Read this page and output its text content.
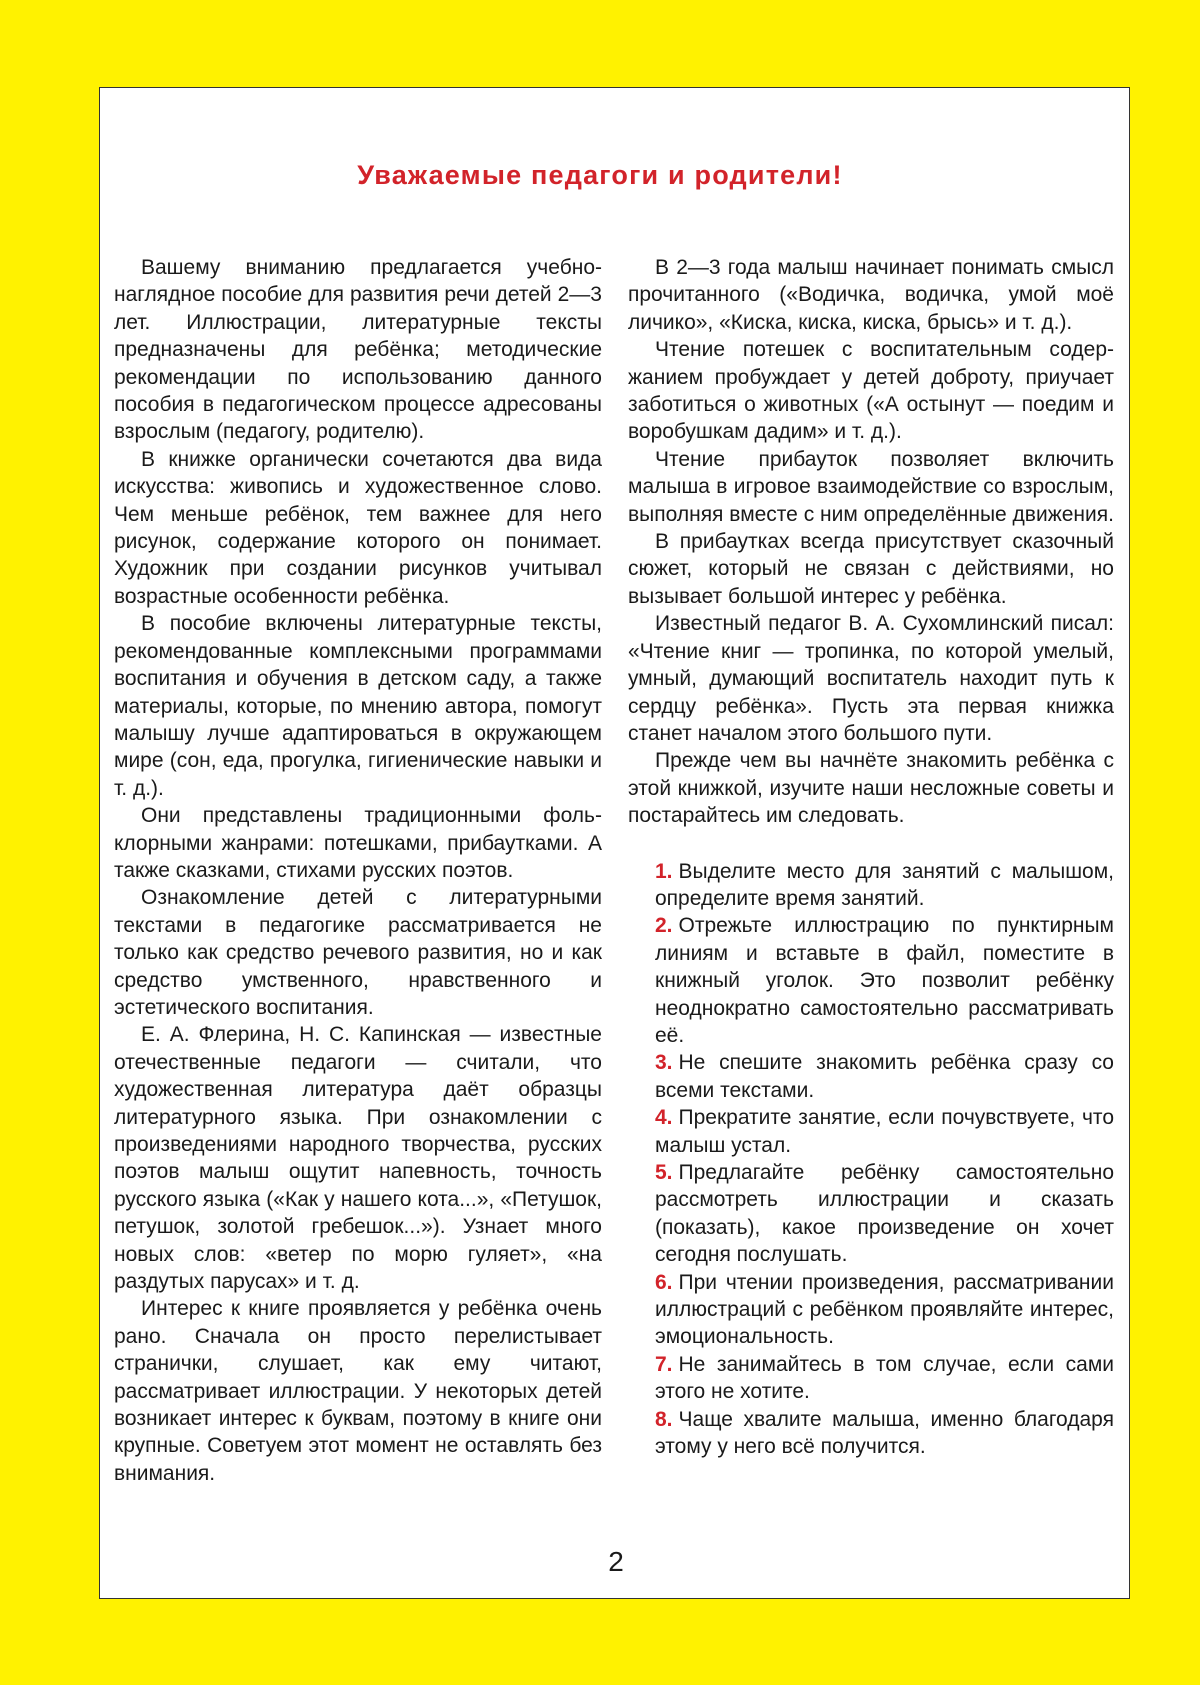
Уважаемые педагоги и родители!

Вашему вниманию предлагается учебно-наглядное пособие для развития речи детей 2—3 лет. Иллюстрации, литературные тексты предназначены для ребёнка; методические рекомендации по использованию данного пособия в педагогическом процессе адресованы взрослым (педагогу, родителю).

В книжке органически сочетаются два вида искусства: живопись и художественное слово. Чем меньше ребёнок, тем важнее для него рисунок, содержание которого он понимает. Художник при создании рисунков учитывал возрастные особенности ребёнка.

В пособие включены литературные тексты, рекомендованные комплексными программами воспитания и обучения в детском саду, а также материалы, которые, по мнению автора, помогут малышу лучше адаптироваться в окружающем мире (сон, еда, прогулка, гигиенические навыки и т. д.).

Они представлены традиционными фольклорными жанрами: потешками, прибаутками. А также сказками, стихами русских поэтов.

Ознакомление детей с литературными текстами в педагогике рассматривается не только как средство речевого развития, но и как средство умственного, нравственного и эстетического воспитания.

Е. А. Флерина, Н. С. Капинская — известные отечественные педагоги — считали, что художественная литература даёт образцы литературного языка. При ознакомлении с произведениями народного творчества, русских поэтов малыш ощутит напевность, точность русского языка («Как у нашего кота...», «Петушок, петушок, золотой гребешок...»). Узнает много новых слов: «ветер по морю гуляет», «на раздутых парусах» и т. д.

Интерес к книге проявляется у ребёнка очень рано. Сначала он просто перелистывает странички, слушает, как ему читают, рассматривает иллюстрации. У некоторых детей возникает интерес к буквам, поэтому в книге они крупные. Советуем этот момент не оставлять без внимания.

В 2—3 года малыш начинает понимать смысл прочитанного («Водичка, водичка, умой моё личико», «Киска, киска, киска, брысь» и т. д.).

Чтение потешек с воспитательным содержанием пробуждает у детей доброту, приучает заботиться о животных («А остынут — поедим и воробушкам дадим» и т. д.).

Чтение прибауток позволяет включить малыша в игровое взаимодействие со взрослым, выполняя вместе с ним определённые движения.

В прибаутках всегда присутствует сказочный сюжет, который не связан с действиями, но вызывает большой интерес у ребёнка.

Известный педагог В. А. Сухомлинский писал: «Чтение книг — тропинка, по которой умелый, умный, думающий воспитатель находит путь к сердцу ребёнка». Пусть эта первая книжка станет началом этого большого пути.

Прежде чем вы начнёте знакомить ребёнка с этой книжкой, изучите наши несложные советы и постарайтесь им следовать.

1. Выделите место для занятий с малышом, определите время занятий.
2. Отрежьте иллюстрацию по пунктирным линиям и вставьте в файл, поместите в книжный уголок. Это позволит ребёнку неоднократно самостоятельно рассматривать её.
3. Не спешите знакомить ребёнка сразу со всеми текстами.
4. Прекратите занятие, если почувствуете, что малыш устал.
5. Предлагайте ребёнку самостоятельно рассмотреть иллюстрации и сказать (показать), какое произведение он хочет сегодня послушать.
6. При чтении произведения, рассматривании иллюстраций с ребёнком проявляйте интерес, эмоциональность.
7. Не занимайтесь в том случае, если сами этого не хотите.
8. Чаще хвалите малыша, именно благодаря этому у него всё получится.
2
